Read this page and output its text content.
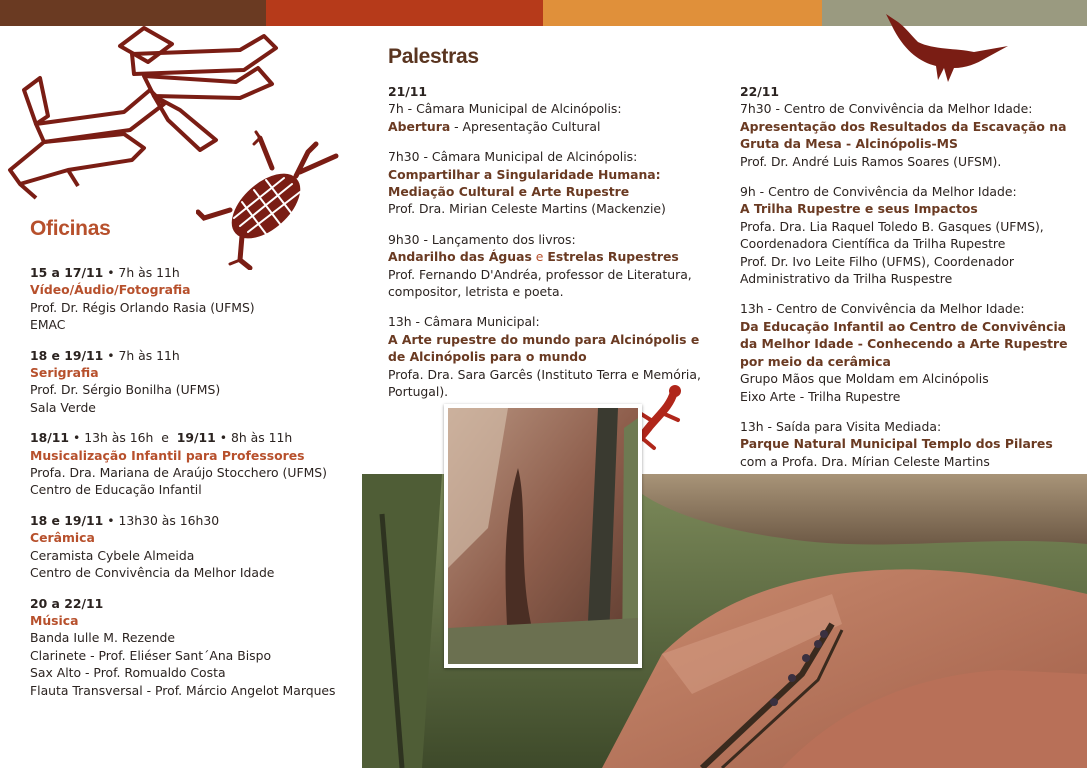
Oficinas
15 a 17/11 • 7h às 11h
Vídeo/Áudio/Fotografia
Prof. Dr. Régis Orlando Rasia (UFMS)
EMAC
18 e 19/11 • 7h às 11h
Serigrafia
Prof. Dr. Sérgio Bonilha (UFMS)
Sala Verde
18/11 • 13h às 16h  e  19/11 • 8h às 11h
Musicalização Infantil para Professores
Profa. Dra. Mariana de Araújo Stocchero (UFMS)
Centro de Educação Infantil
18 e 19/11 • 13h30 às 16h30
Cerâmica
Ceramista Cybele Almeida
Centro de Convivência da Melhor Idade
20 a 22/11
Música
Banda Iulle M. Rezende
Clarinete - Prof. Eliéser Sant´Ana Bispo
Sax Alto - Prof. Romualdo Costa
Flauta Transversal - Prof. Márcio Angelot Marques
Palestras
21/11
7h - Câmara Municipal de Alcinópolis:
Abertura - Apresentação Cultural
7h30 - Câmara Municipal de Alcinópolis:
Compartilhar a Singularidade Humana:
Mediação Cultural e Arte Rupestre
Prof. Dra. Mirian Celeste Martins (Mackenzie)
9h30 - Lançamento dos livros:
Andarilho das Águas e Estrelas Rupestres
Prof. Fernando D'Andréa, professor de Literatura,
compositor, letrista e poeta.
13h - Câmara Municipal:
A Arte rupestre do mundo para Alcinópolis e
de Alcinópolis para o mundo
Profa. Dra. Sara Garcês (Instituto Terra e Memória,
Portugal).
22/11
7h30 - Centro de Convivência da Melhor Idade:
Apresentação dos Resultados da Escavação na
Gruta da Mesa - Alcinópolis-MS
Prof. Dr. André Luis Ramos Soares (UFSM).
9h - Centro de Convivência da Melhor Idade:
A Trilha Rupestre e seus Impactos
Profa. Dra. Lia Raquel Toledo B. Gasques (UFMS),
Coordenadora Científica da Trilha Rupestre
Prof. Dr. Ivo Leite Filho (UFMS), Coordenador
Administrativo da Trilha Ruspestre
13h - Centro de Convivência da Melhor Idade:
Da Educação Infantil ao Centro de Convivência
da Melhor Idade - Conhecendo a Arte Rupestre
por meio da cerâmica
Grupo Mãos que Moldam em Alcinópolis
Eixo Arte - Trilha Rupestre
13h - Saída para Visita Mediada:
Parque Natural Municipal Templo dos Pilares
com a Profa. Dra. Mírian Celeste Martins
